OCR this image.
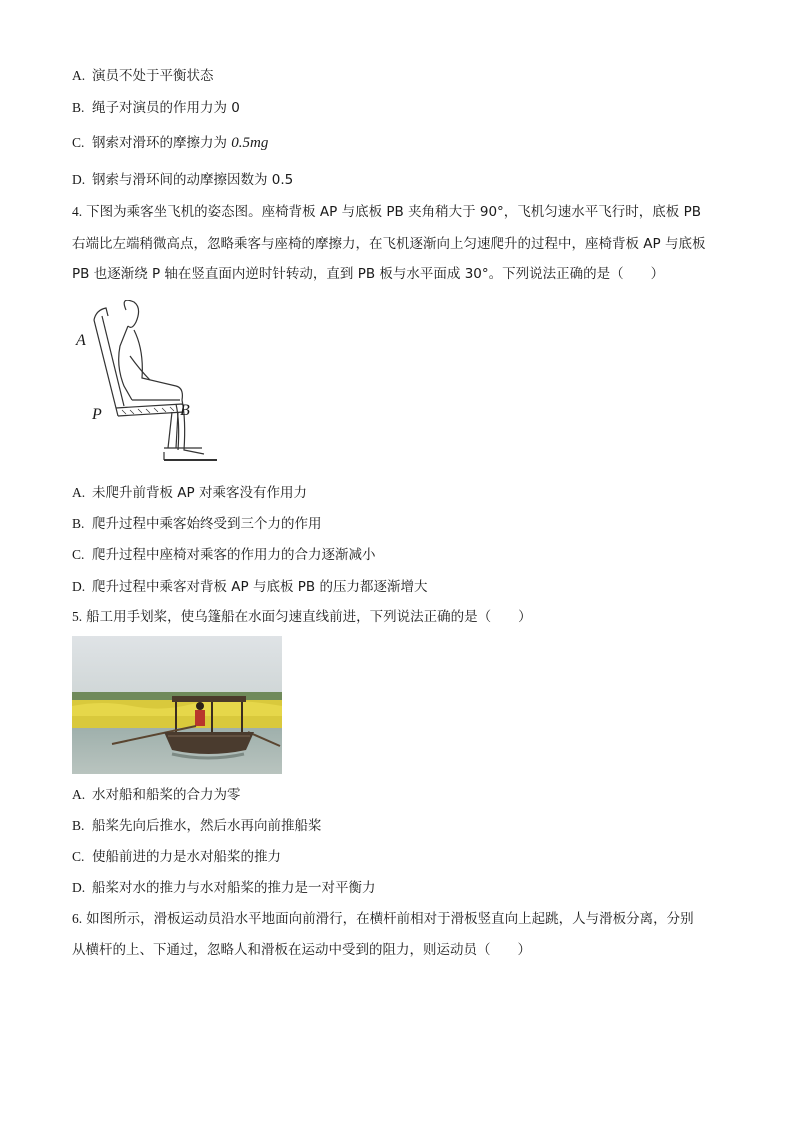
A. 演员不处于平衡状态
B. 绳子对演员的作用力为 0
C. 钢索对滑环的摩擦力为 0.5mg
D. 钢索与滑环间的动摩擦因数为 0.5
4. 下图为乘客坐飞机的姿态图。座椅背板 AP 与底板 PB 夹角稍大于 90°，飞机匀速水平飞行时，底板 PB
右端比左端稍微高点，忽略乘客与座椅的摩擦力，在飞机逐渐向上匀速爬升的过程中，座椅背板 AP 与底板
PB 也逐渐绕 P 轴在竖直面内逆时针转动，直到 PB 板与水平面成 30°。下列说法正确的是（　　）
A
P	B
A. 未爬升前背板 AP 对乘客没有作用力
B. 爬升过程中乘客始终受到三个力的作用
C. 爬升过程中座椅对乘客的作用力的合力逐渐减小
D. 爬升过程中乘客对背板 AP 与底板 PB 的压力都逐渐增大
5. 船工用手划桨，使乌篷船在水面匀速直线前进，下列说法正确的是（　　）
A. 水对船和船桨的合力为零
B. 船桨先向后推水，然后水再向前推船桨
C. 使船前进的力是水对船桨的推力
D. 船桨对水的推力与水对船桨的推力是一对平衡力
6. 如图所示，滑板运动员沿水平地面向前滑行，在横杆前相对于滑板竖直向上起跳，人与滑板分离，分别
从横杆的上、下通过，忽略人和滑板在运动中受到的阻力，则运动员（　　）
